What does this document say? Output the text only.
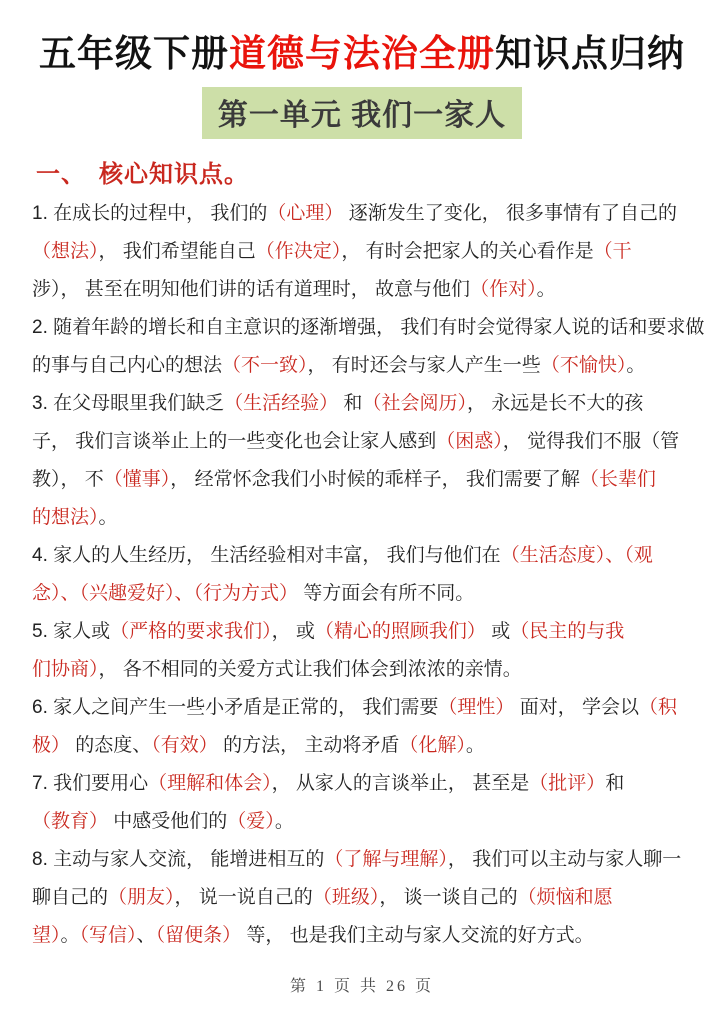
五年级下册道德与法治全册知识点归纳
第一单元 我们一家人
一、　核心知识点。
1. 在成长的过程中， 我们的（心理） 逐渐发生了变化， 很多事情有了自己的
（想法）， 我们希望能自己（作决定）， 有时会把家人的关心看作是（干
涉）， 甚至在明知他们讲的话有道理时， 故意与他们（作对）。
2. 随着年龄的增长和自主意识的逐渐增强， 我们有时会觉得家人说的话和要求做
的事与自己内心的想法（不一致）， 有时还会与家人产生一些（不愉快）。
3. 在父母眼里我们缺乏（生活经验） 和（社会阅历）， 永远是长不大的孩
子， 我们言谈举止上的一些变化也会让家人感到（困惑）， 觉得我们不服（管
教）， 不（懂事）， 经常怀念我们小时候的乖样子， 我们需要了解（长辈们
的想法）。
4. 家人的人生经历， 生活经验相对丰富， 我们与他们在（生活态度）、（观
念）、（兴趣爱好）、（行为方式） 等方面会有所不同。
5. 家人或（严格的要求我们）， 或（精心的照顾我们） 或（民主的与我
们协商）， 各不相同的关爱方式让我们体会到浓浓的亲情。
6. 家人之间产生一些小矛盾是正常的， 我们需要（理性） 面对， 学会以（积
极） 的态度、（有效） 的方法， 主动将矛盾（化解）。
7. 我们要用心（理解和体会）， 从家人的言谈举止， 甚至是（批评）和
（教育） 中感受他们的（爱）。
8. 主动与家人交流， 能增进相互的（了解与理解）， 我们可以主动与家人聊一
聊自己的（朋友）， 说一说自己的（班级）， 谈一谈自己的（烦恼和愿
望）。（写信）、（留便条） 等， 也是我们主动与家人交流的好方式。
第 1 页 共 26 页
